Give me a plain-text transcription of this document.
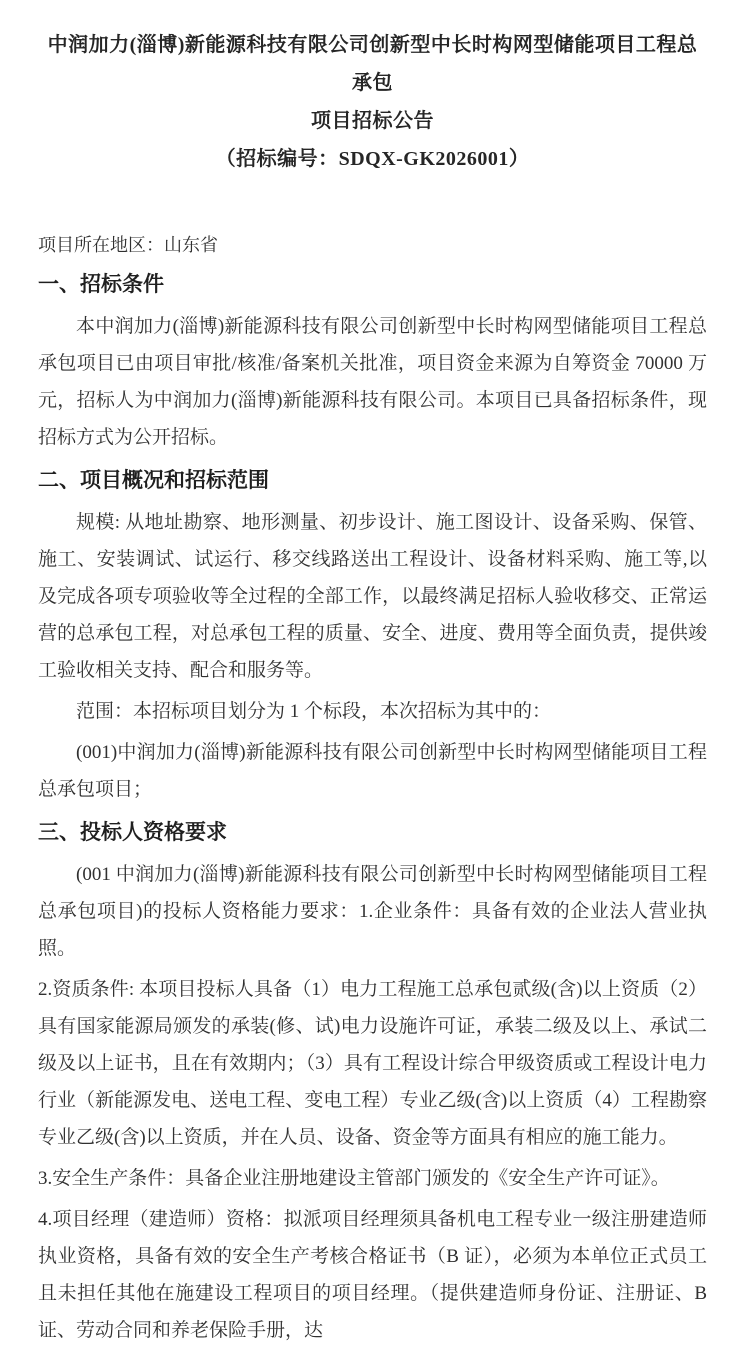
中润加力(淄博)新能源科技有限公司创新型中长时构网型储能项目工程总承包
项目招标公告
（招标编号：SDQX-GK2026001）
项目所在地区：山东省
一、招标条件

本中润加力(淄博)新能源科技有限公司创新型中长时构网型储能项目工程总承包项目已由项目审批/核准/备案机关批准，项目资金来源为自筹资金 70000 万元，招标人为中润加力(淄博)新能源科技有限公司。本项目已具备招标条件，现招标方式为公开招标。

二、项目概况和招标范围

规模: 从地址勘察、地形测量、初步设计、施工图设计、设备采购、保管、施工、安装调试、试运行、移交线路送出工程设计、设备材料采购、施工等,以及完成各项专项验收等全过程的全部工作，以最终满足招标人验收移交、正常运营的总承包工程，对总承包工程的质量、安全、进度、费用等全面负责，提供竣工验收相关支持、配合和服务等。

范围：本招标项目划分为 1 个标段，本次招标为其中的：

(001)中润加力(淄博)新能源科技有限公司创新型中长时构网型储能项目工程总承包项目；

三、投标人资格要求

(001 中润加力(淄博)新能源科技有限公司创新型中长时构网型储能项目工程总承包项目)的投标人资格能力要求：1.企业条件：具备有效的企业法人营业执照。

2.资质条件: 本项目投标人具备（1）电力工程施工总承包贰级(含)以上资质（2）具有国家能源局颁发的承装(修、试)电力设施许可证，承装二级及以上、承试二级及以上证书，且在有效期内；（3）具有工程设计综合甲级资质或工程设计电力行业（新能源发电、送电工程、变电工程）专业乙级(含)以上资质（4）工程勘察专业乙级(含)以上资质，并在人员、设备、资金等方面具有相应的施工能力。

3.安全生产条件：具备企业注册地建设主管部门颁发的《安全生产许可证》。

4.项目经理（建造师）资格：拟派项目经理须具备机电工程专业一级注册建造师执业资格，具备有效的安全生产考核合格证书（B 证），必须为本单位正式员工且未担任其他在施建设工程项目的项目经理。（提供建造师身份证、注册证、B 证、劳动合同和养老保险手册，达
